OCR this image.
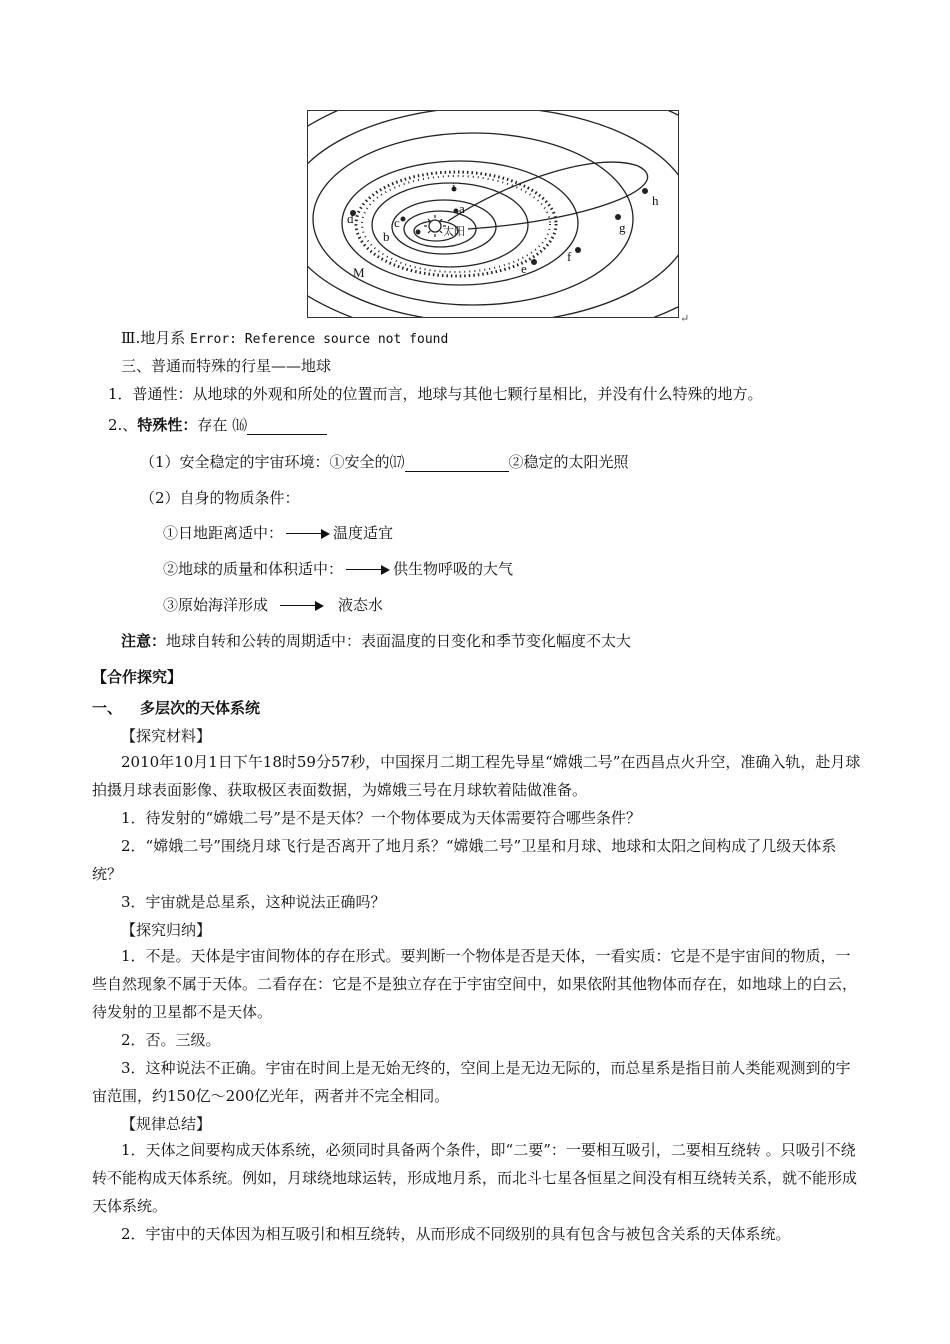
a
b
c
d
e
f
g
h
i
M
太阳
↵
Ⅲ.地月系 Error: Reference source not found
三、普通而特殊的行星——地球
1．普通性：从地球的外观和所处的位置而言，地球与其他七颗行星相比，并没有什么特殊的地方。
2.、特殊性：存在 ⒃
（1）安全稳定的宇宙环境：①安全的⒄	②稳定的太阳光照
（2）自身的物质条件：
①日地距离适中：	温度适宜
②地球的质量和体积适中：	供生物呼吸的大气
③原始海洋形成	液态水
注意：地球自转和公转的周期适中：表面温度的日变化和季节变化幅度不太大
【合作探究】
一、 多层次的天体系统
【探究材料】
2010年10月1日下午18时59分57秒，中国探月二期工程先导星“嫦娥二号”在西昌点火升空，准确入轨，赴月球拍摄月球表面影像、获取极区表面数据，为嫦娥三号在月球软着陆做准备。
1．待发射的“嫦娥二号”是不是天体？一个物体要成为天体需要符合哪些条件？
2．“嫦娥二号”围绕月球飞行是否离开了地月系？“嫦娥二号”卫星和月球、地球和太阳之间构成了几级天体系统？
3．宇宙就是总星系，这种说法正确吗？
【探究归纳】
1．不是。天体是宇宙间物体的存在形式。要判断一个物体是否是天体，一看实质：它是不是宇宙间的物质，一些自然现象不属于天体。二看存在：它是不是独立存在于宇宙空间中，如果依附其他物体而存在，如地球上的白云，待发射的卫星都不是天体。
2．否。三级。
3．这种说法不正确。宇宙在时间上是无始无终的，空间上是无边无际的，而总星系是指目前人类能观测到的宇宙范围，约150亿～200亿光年，两者并不完全相同。
【规律总结】
1．天体之间要构成天体系统，必须同时具备两个条件，即“二要”：一要相互吸引，二要相互绕转 。只吸引不绕转不能构成天体系统。例如，月球绕地球运转，形成地月系，而北斗七星各恒星之间没有相互绕转关系，就不能形成天体系统。
2．宇宙中的天体因为相互吸引和相互绕转，从而形成不同级别的具有包含与被包含关系的天体系统。
